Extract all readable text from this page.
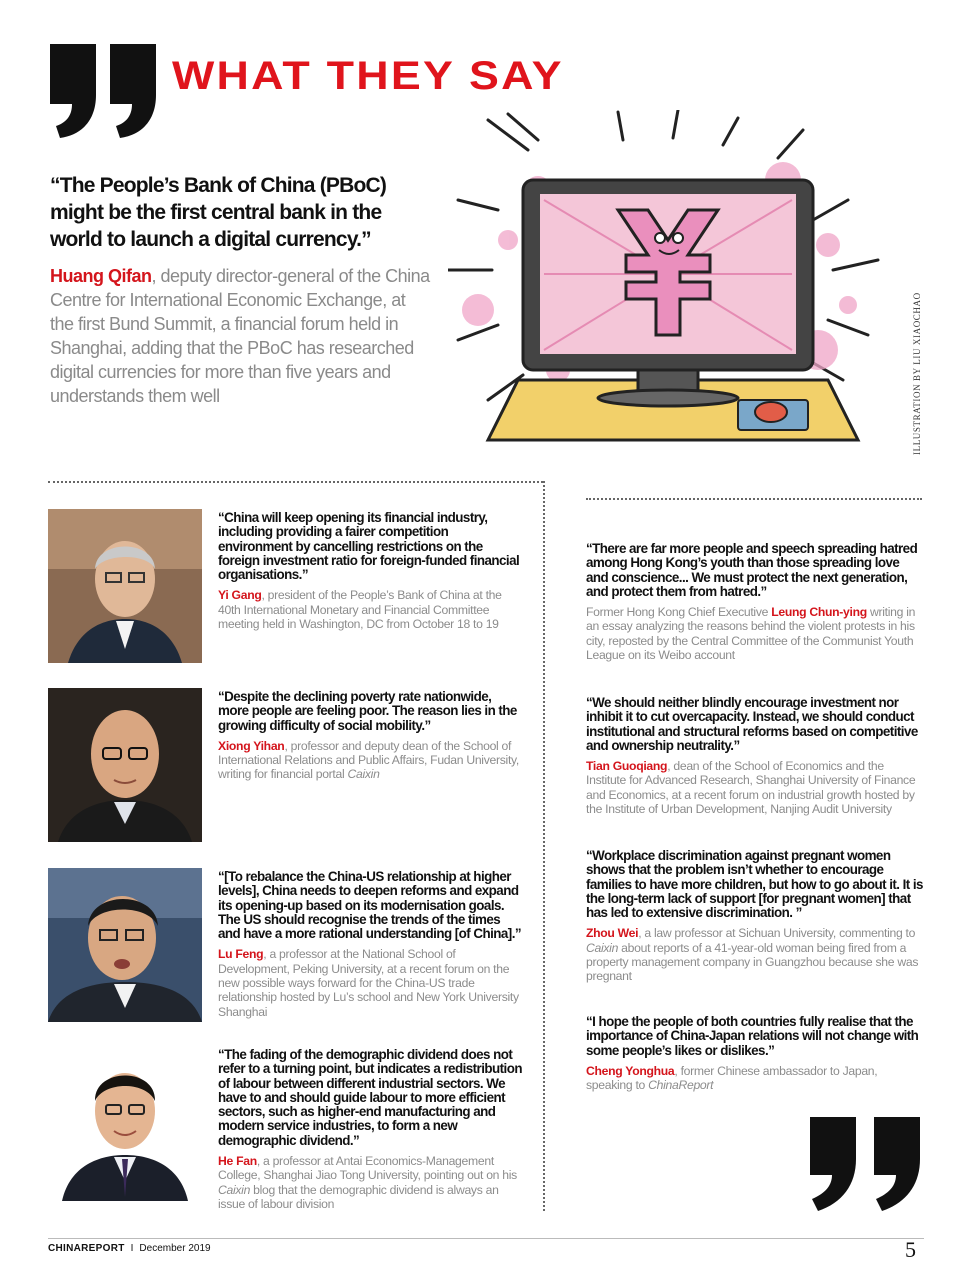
WHAT THEY SAY
“The People’s Bank of China (PBoC) might be the first central bank in the world to launch a digital currency.”
Huang Qifan, deputy director-general of the China Centre for International Economic Exchange, at the first Bund Summit, a financial forum held in Shanghai, adding that the PBoC has researched digital currencies for more than five years and understands them well	ILLUSTRATION BY LIU XIAOCHAO
“China will keep opening its financial industry, including providing a fairer competition environment by cancelling restrictions on the foreign investment ratio for foreign-funded financial organisations.”
Yi Gang, president of the People’s Bank of China at the 40th International Monetary and Financial Committee meeting held in Washington, DC from October 18 to 19
“Despite the declining poverty rate nationwide, more people are feeling poor. The reason lies in the growing difficulty of social mobility.”
Xiong Yihan, professor and deputy dean of the School of International Relations and Public Affairs, Fudan University, writing for financial portal Caixin
“[To rebalance the China-US relationship at higher levels], China needs to deepen reforms and expand its opening-up based on its modernisation goals. The US should recognise the trends of the times and have a more rational understanding [of China].”
Lu Feng, a professor at the National School of Development, Peking University, at a recent forum on the new possible ways forward for the China-US trade relationship hosted by Lu’s school and New York University Shanghai
“The fading of the demographic dividend does not refer to a turning point, but indicates a redistribution of labour between different industrial sectors. We have to and should guide labour to more efficient sectors, such as higher-end manufacturing and modern service industries, to form a new demographic dividend.”
He Fan, a professor at Antai Economics-Management College, Shanghai Jiao Tong University, pointing out on his Caixin blog that the demographic dividend is always an issue of labour division
“There are far more people and speech spreading hatred among Hong Kong’s youth than those spreading love and conscience... We must protect the next generation, and protect them from hatred.”
Former Hong Kong Chief Executive Leung Chun-ying writing in an essay analyzing the reasons behind the violent protests in his city, reposted by the Central Committee of the Communist Youth League on its Weibo account
“We should neither blindly encourage investment nor inhibit it to cut overcapacity. Instead, we should conduct institutional and structural reforms based on competitive and ownership neutrality.”
Tian Guoqiang, dean of the School of Economics and the Institute for Advanced Research, Shanghai University of Finance and Economics, at a recent forum on industrial growth hosted by the Institute of Urban Development, Nanjing Audit University
“Workplace discrimination against pregnant women shows that the problem isn’t whether to encourage families to have more children, but how to go about it. It is the long-term lack of support [for pregnant women] that has led to extensive discrimination. ”
Zhou Wei, a law professor at Sichuan University, commenting to Caixin about reports of a 41-year-old woman being fired from a property management company in Guangzhou because she was pregnant
“I hope the people of both countries fully realise that the importance of China-Japan relations will not change with some people’s likes or dislikes.”
Cheng Yonghua, former Chinese ambassador to Japan, speaking to ChinaReport
CHINAREPORT I December 2019	5
